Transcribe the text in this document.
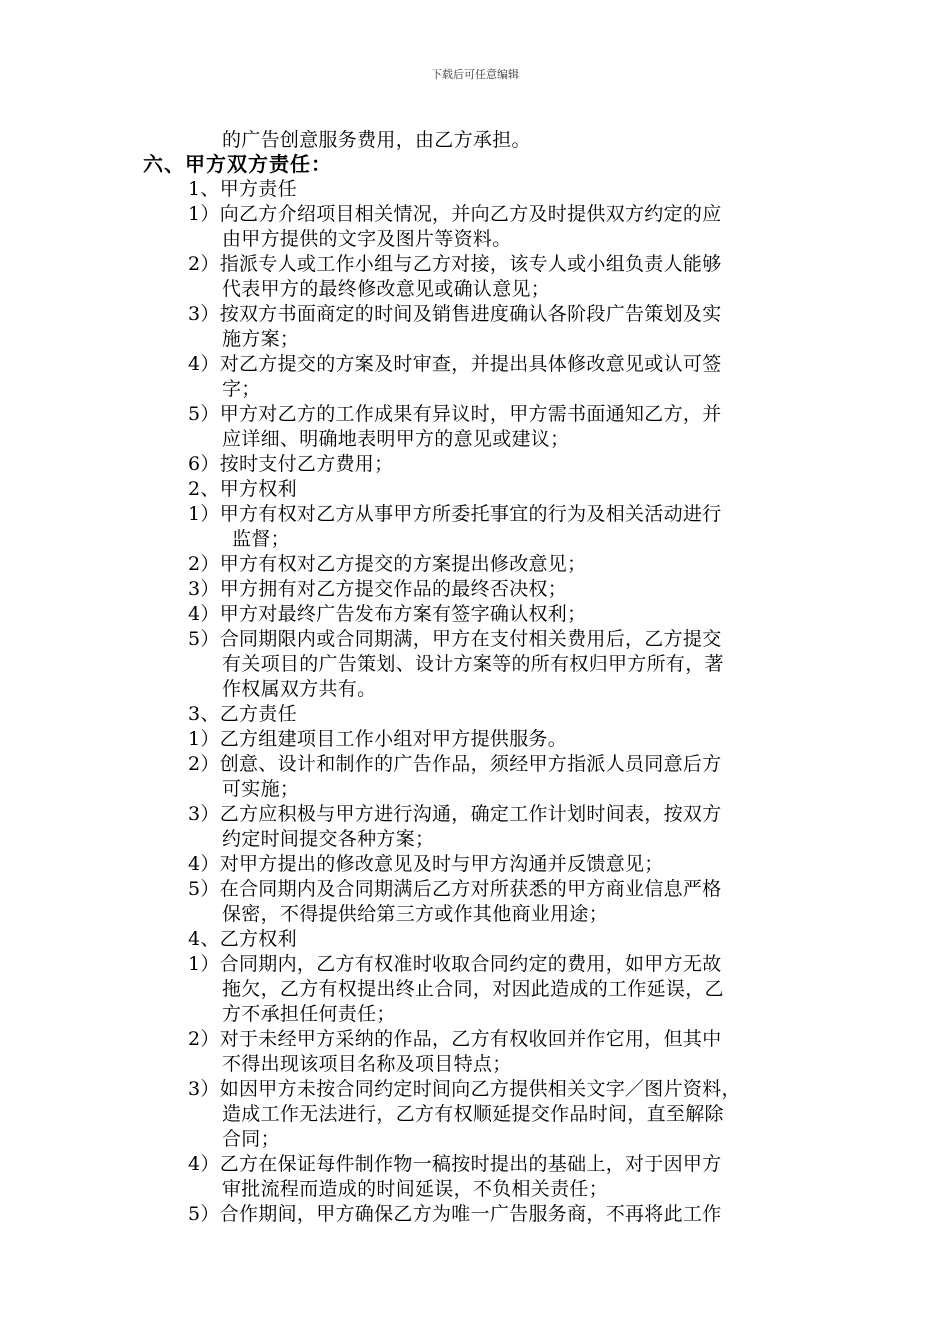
下载后可任意编辑
的广告创意服务费用，由乙方承担。
六、甲方双方责任：
1、甲方责任
1）向乙方介绍项目相关情况，并向乙方及时提供双方约定的应
由甲方提供的文字及图片等资料。
2）指派专人或工作小组与乙方对接，该专人或小组负责人能够
代表甲方的最终修改意见或确认意见；
3）按双方书面商定的时间及销售进度确认各阶段广告策划及实
施方案；
4）对乙方提交的方案及时审查，并提出具体修改意见或认可签
字；
5）甲方对乙方的工作成果有异议时，甲方需书面通知乙方，并
应详细、明确地表明甲方的意见或建议；
6）按时支付乙方费用；
2、甲方权利
1）甲方有权对乙方从事甲方所委托事宜的行为及相关活动进行
监督；
2）甲方有权对乙方提交的方案提出修改意见；
3）甲方拥有对乙方提交作品的最终否决权；
4）甲方对最终广告发布方案有签字确认权利；
5）合同期限内或合同期满，甲方在支付相关费用后，乙方提交
有关项目的广告策划、设计方案等的所有权归甲方所有，著
作权属双方共有。
3、乙方责任
1）乙方组建项目工作小组对甲方提供服务。
2）创意、设计和制作的广告作品，须经甲方指派人员同意后方
可实施；
3）乙方应积极与甲方进行沟通，确定工作计划时间表，按双方
约定时间提交各种方案；
4）对甲方提出的修改意见及时与甲方沟通并反馈意见；
5）在合同期内及合同期满后乙方对所获悉的甲方商业信息严格
保密，不得提供给第三方或作其他商业用途；
4、乙方权利
1）合同期内，乙方有权准时收取合同约定的费用，如甲方无故
拖欠，乙方有权提出终止合同，对因此造成的工作延误，乙
方不承担任何责任；
2）对于未经甲方采纳的作品，乙方有权收回并作它用，但其中
不得出现该项目名称及项目特点；
3）如因甲方未按合同约定时间向乙方提供相关文字／图片资料，
造成工作无法进行，乙方有权顺延提交作品时间，直至解除
合同；
4）乙方在保证每件制作物一稿按时提出的基础上，对于因甲方
审批流程而造成的时间延误，不负相关责任；
5）合作期间，甲方确保乙方为唯一广告服务商，不再将此工作
